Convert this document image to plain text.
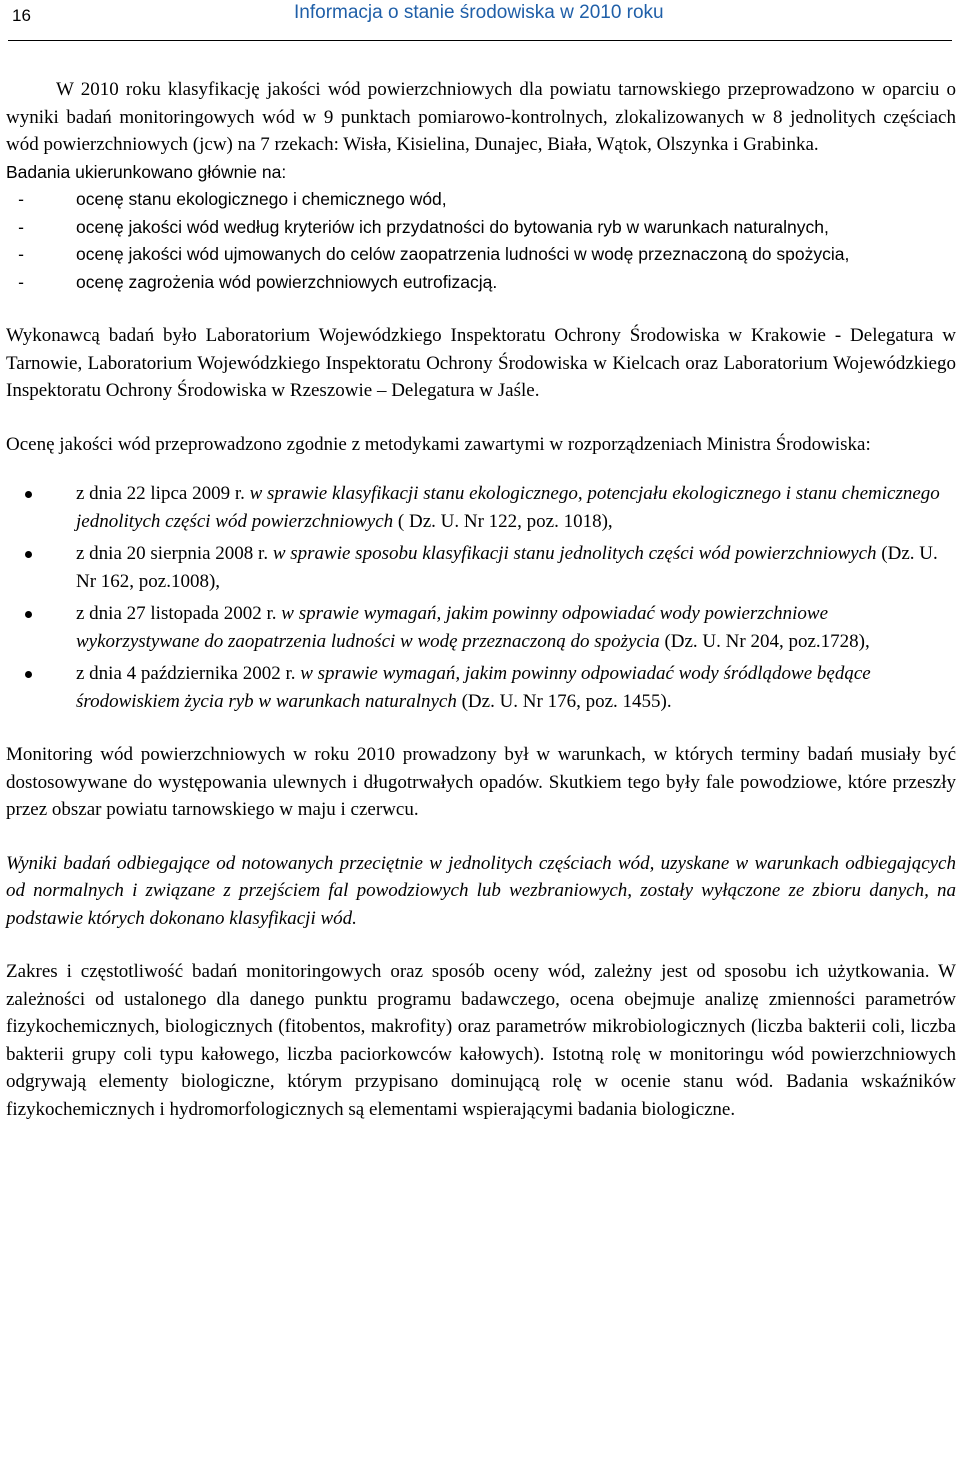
16	Informacja o stanie środowiska w 2010 roku

W 2010 roku klasyfikację jakości wód powierzchniowych dla powiatu tarnowskiego przeprowadzono w oparciu o wyniki badań monitoringowych wód w 9 punktach pomiarowo-kontrolnych, zlokalizowanych w 8 jednolitych częściach wód powierzchniowych (jcw) na 7 rzekach: Wisła, Kisielina, Dunajec, Biała, Wątok, Olszynka i Grabinka.

Badania ukierunkowano głównie na:

-	ocenę stanu ekologicznego i chemicznego wód,
-	ocenę jakości wód według kryteriów ich przydatności do bytowania ryb w warunkach naturalnych,
-	ocenę jakości wód ujmowanych do celów zaopatrzenia ludności w wodę przeznaczoną do spożycia,
-	ocenę zagrożenia wód powierzchniowych eutrofizacją.

Wykonawcą badań było Laboratorium Wojewódzkiego Inspektoratu Ochrony Środowiska w Krakowie - Delegatura w Tarnowie, Laboratorium Wojewódzkiego Inspektoratu Ochrony Środowiska w Kielcach oraz Laboratorium Wojewódzkiego Inspektoratu Ochrony Środowiska w Rzeszowie – Delegatura w Jaśle.

Ocenę jakości wód przeprowadzono zgodnie z metodykami zawartymi w rozporządzeniach Ministra Środowiska:

z dnia 22 lipca 2009 r. w sprawie klasyfikacji stanu ekologicznego, potencjału ekologicznego i stanu chemicznego jednolitych części wód powierzchniowych ( Dz. U. Nr 122, poz. 1018),
z dnia 20 sierpnia 2008 r. w sprawie sposobu klasyfikacji stanu jednolitych części wód powierzchniowych (Dz. U. Nr 162, poz.1008),
z dnia 27 listopada 2002 r. w sprawie wymagań, jakim powinny odpowiadać wody powierzchniowe wykorzystywane do zaopatrzenia ludności w wodę przeznaczoną do spożycia (Dz. U. Nr 204, poz.1728),
z dnia 4 października 2002 r. w sprawie wymagań, jakim powinny odpowiadać wody śródlądowe będące środowiskiem życia ryb w warunkach naturalnych (Dz. U. Nr 176, poz. 1455).

Monitoring wód powierzchniowych w roku 2010 prowadzony był w warunkach, w których terminy badań musiały być dostosowywane do występowania ulewnych i długotrwałych opadów. Skutkiem tego były fale powodziowe, które przeszły przez obszar powiatu tarnowskiego w maju i czerwcu.

Wyniki badań odbiegające od notowanych przeciętnie w jednolitych częściach wód, uzyskane w warunkach odbiegających od normalnych i związane z przejściem fal powodziowych lub wezbraniowych, zostały wyłączone ze zbioru danych, na podstawie których dokonano klasyfikacji wód.

Zakres i częstotliwość badań monitoringowych oraz sposób oceny wód, zależny jest od sposobu ich użytkowania. W zależności od ustalonego dla danego punktu programu badawczego, ocena obejmuje analizę zmienności parametrów fizykochemicznych, biologicznych (fitobentos, makrofity) oraz parametrów mikrobiologicznych (liczba bakterii coli, liczba bakterii grupy coli typu kałowego, liczba paciorkowców kałowych). Istotną rolę w monitoringu wód powierzchniowych odgrywają elementy biologiczne, którym przypisano dominującą rolę w ocenie stanu wód. Badania wskaźników fizykochemicznych i hydromorfologicznych są elementami wspierającymi badania biologiczne.
